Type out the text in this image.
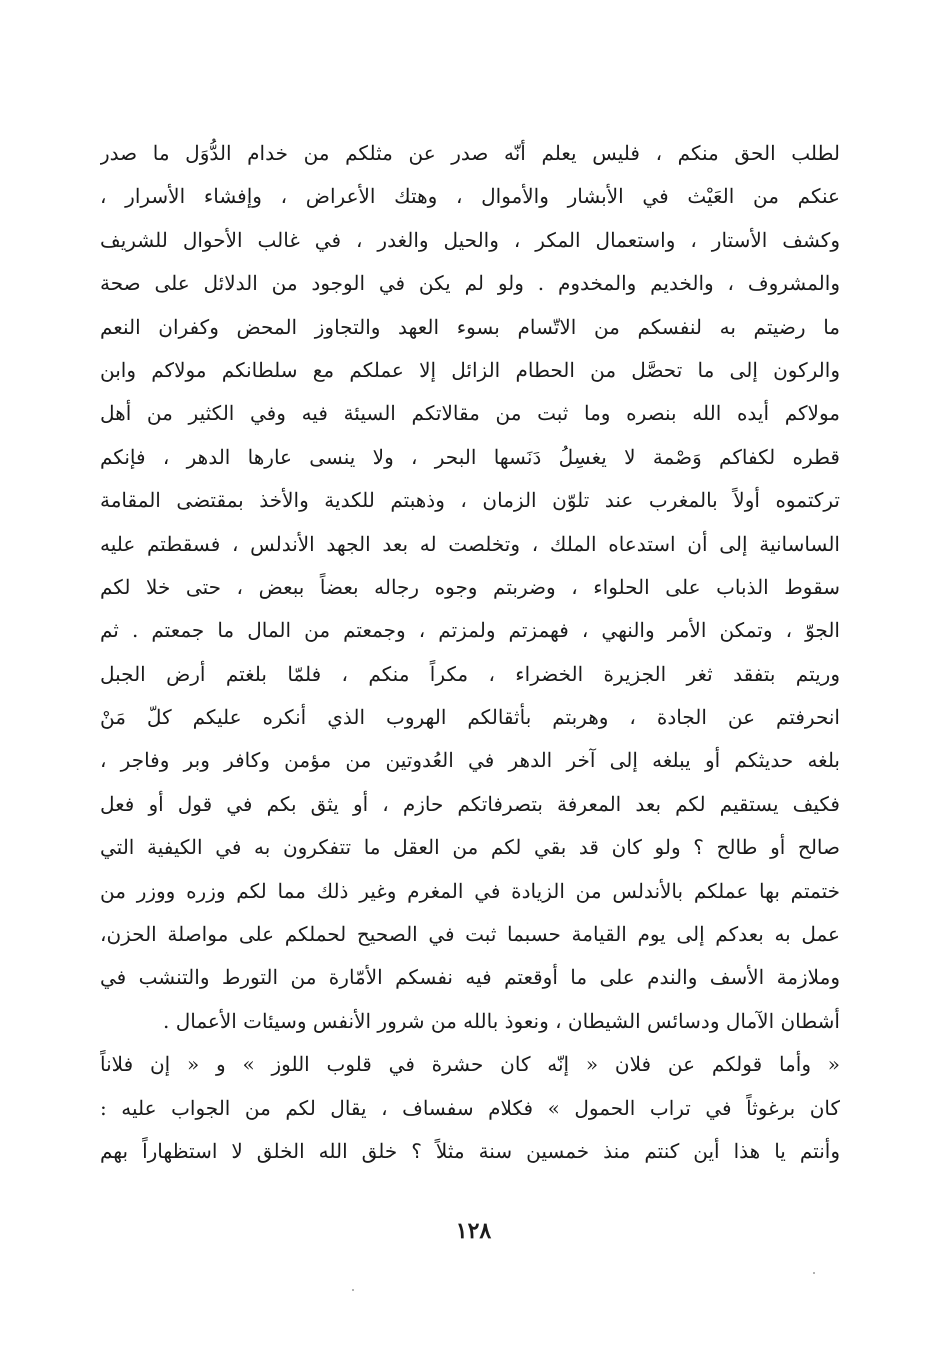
لطلب الحق منكم ، فليس يعلم أنّه صدر عن مثلكم من خدام الدُّوَل ما صدر
عنكم من العَيْث في الأبشار والأموال ، وهتك الأعراض ، وإفشاء الأسرار ،
وكشف الأستار ، واستعمال المكر ، والحيل والغدر ، في غالب الأحوال للشريف
والمشروف ، والخديم والمخدوم . ولو لم يكن في الوجود من الدلائل على صحة
ما رضيتم به لنفسكم من الاتّسام بسوء العهد والتجاوز المحض وكفران النعم
والركون إلى ما تحصَّل من الحطام الزائل إلا عملكم مع سلطانكم مولاكم وابن
مولاكم أيده الله بنصره وما ثبت من مقالاتكم السيئة فيه وفي الكثير من أهل
قطره لكفاكم وَصْمة لا يغسِلُ دَنَسها البحر ، ولا ينسى عارها الدهر ، فإنكم
تركتموه أولاً بالمغرب عند تلوّن الزمان ، وذهبتم للكدية والأخذ بمقتضى المقامة
الساسانية إلى أن استدعاه الملك ، وتخلصت له بعد الجهد الأندلس ، فسقطتم عليه
سقوط الذباب على الحلواء ، وضربتم وجوه رجاله بعضاً ببعض ، حتى خلا لكم
الجوّ ، وتمكن الأمر والنهي ، فهمزتم ولمزتم ، وجمعتم من المال ما جمعتم . ثم
وريتم بتفقد ثغر الجزيرة الخضراء ، مكراً منكم ، فلمّا بلغتم أرض الجبل
انحرفتم عن الجادة ، وهربتم بأثقالكم الهروب الذي أنكره عليكم كلّ مَنْ
بلغه حديثكم أو يبلغه إلى آخر الدهر في العُدوتين من مؤمن وكافر وبر وفاجر ،
فكيف يستقيم لكم بعد المعرفة بتصرفاتكم حازم ، أو يثق بكم في قول أو فعل
صالح أو طالح ؟ ولو كان قد بقي لكم من العقل ما تتفكرون به في الكيفية التي
ختمتم بها عملكم بالأندلس من الزيادة في المغرم وغير ذلك مما لكم وزره ووزر من
عمل به بعدكم إلى يوم القيامة حسبما ثبت في الصحيح لحملكم على مواصلة الحزن،
وملازمة الأسف والندم على ما أوقعتم فيه نفسكم الأمّارة من التورط والتنشب في
أشطان الآمال ودسائس الشيطان ، ونعوذ بالله من شرور الأنفس وسيئات الأعمال .
« وأما قولكم عن فلان « إنّه كان حشرة في قلوب اللوز » و « إن فلاناً
كان برغوثاً في تراب الحمول » فكلام سفساف ، يقال لكم من الجواب عليه :
وأنتم يا هذا أين كنتم منذ خمسين سنة مثلاً ؟ خلق الله الخلق لا استظهاراً بهم
١٢٨
